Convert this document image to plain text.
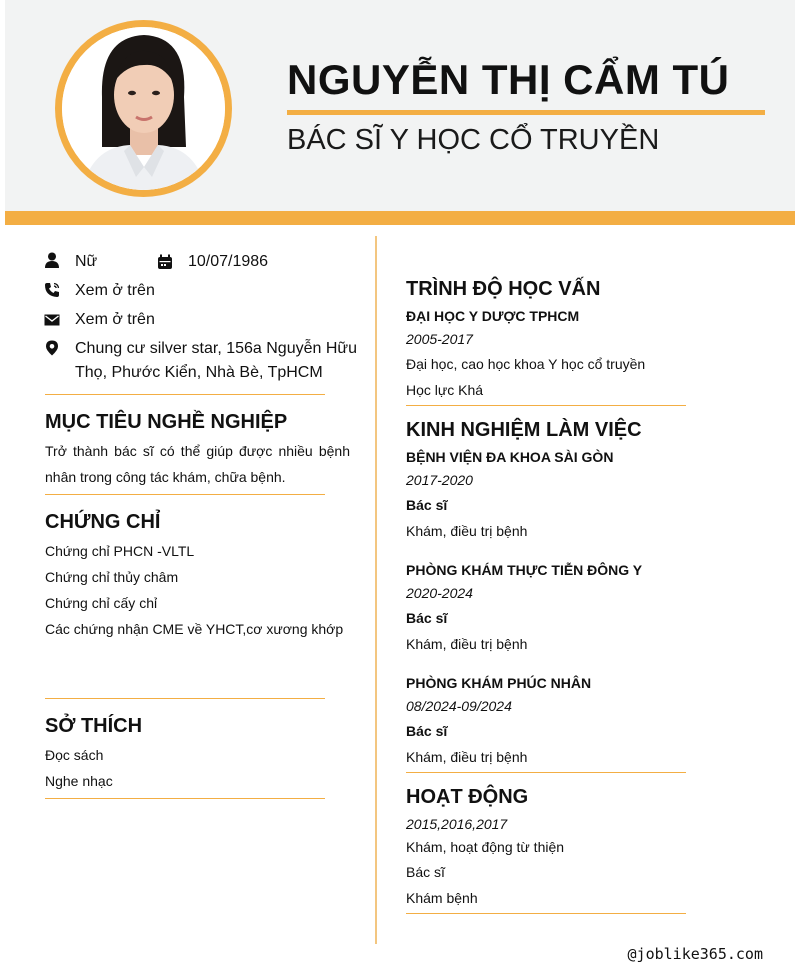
NGUYỄN THỊ CẨM TÚ
BÁC SĨ Y HỌC CỔ TRUYỀN
Nữ	10/07/1986
Xem ở trên
Xem ở trên
Chung cư silver star, 156a Nguyễn Hữu
Thọ, Phước Kiển, Nhà Bè, TpHCM
MỤC TIÊU NGHỀ NGHIỆP
Trở thành bác sĩ có thể giúp được nhiều bệnh nhân trong công tác khám, chữa bệnh.
CHỨNG CHỈ
Chứng chỉ PHCN -VLTL
Chứng chỉ thủy châm
Chứng chỉ cấy chỉ
Các chứng nhận CME về YHCT,cơ xương khớp
SỞ THÍCH
Đọc sách
Nghe nhạc
TRÌNH ĐỘ HỌC VẤN
ĐẠI HỌC Y DƯỢC TPHCM
2005-2017
Đại học, cao học khoa Y học cổ truyền
Học lực Khá
KINH NGHIỆM LÀM VIỆC
BỆNH VIỆN ĐA KHOA SÀI GÒN
2017-2020
Bác sĩ
Khám, điều trị bệnh
PHÒNG KHÁM THỰC TIỄN ĐÔNG Y
2020-2024
Bác sĩ
Khám, điều trị bệnh
PHÒNG KHÁM PHÚC NHÂN
08/2024-09/2024
Bác sĩ
Khám, điều trị bệnh
HOẠT ĐỘNG
2015,2016,2017
Khám, hoạt động từ thiện
Bác sĩ
Khám bệnh
@joblike365.com
